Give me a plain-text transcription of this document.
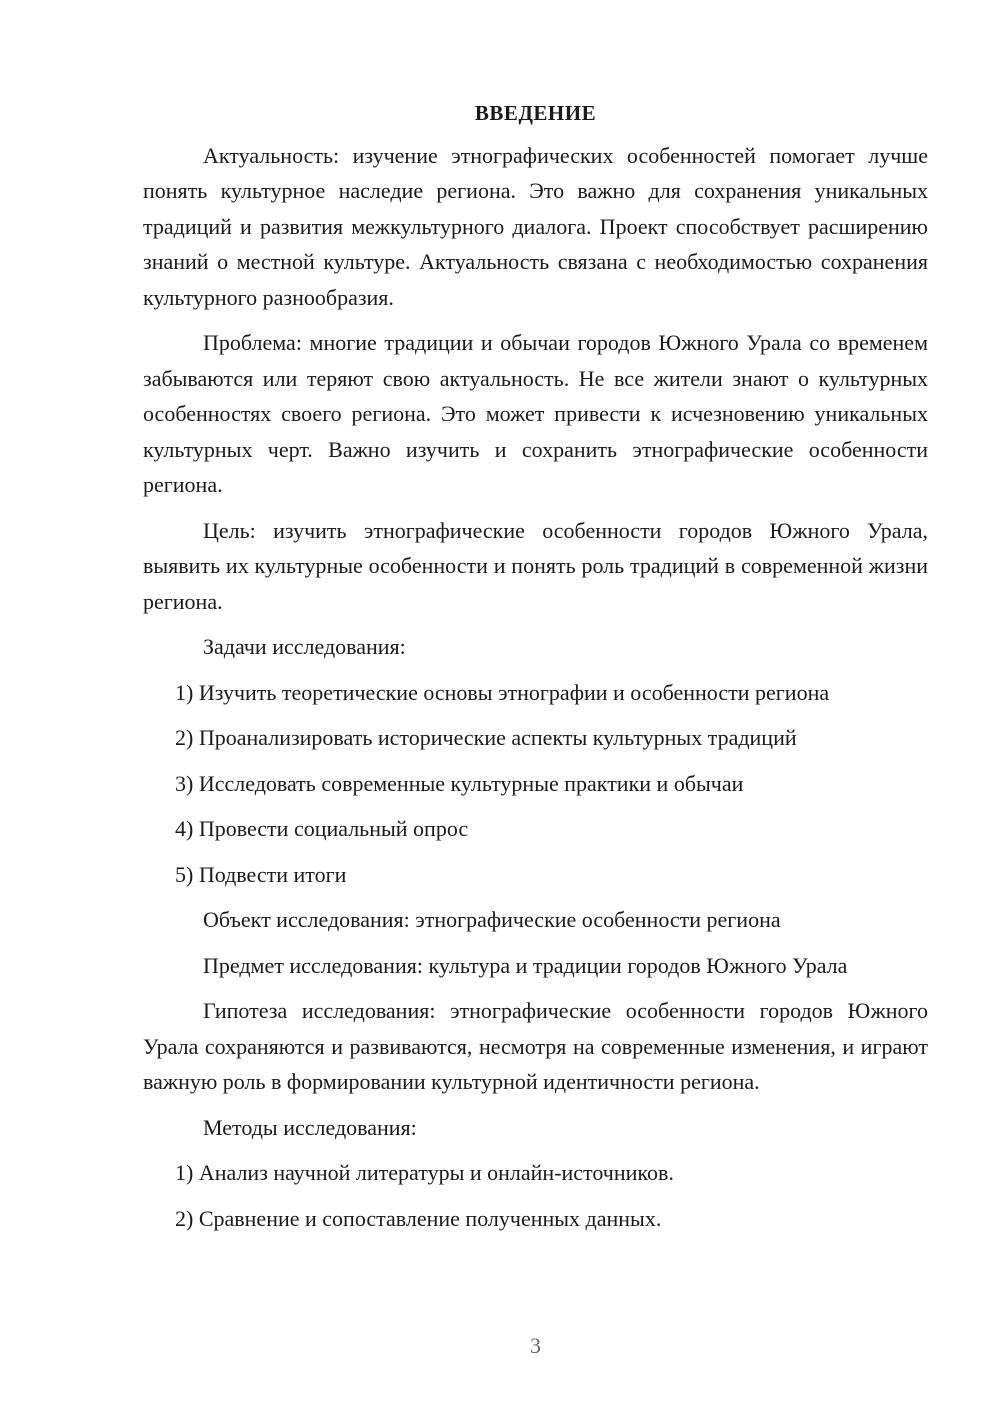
ВВЕДЕНИЕ

Актуальность: изучение этнографических особенностей помогает лучше понять культурное наследие региона. Это важно для сохранения уникальных традиций и развития межкультурного диалога. Проект способствует расширению знаний о местной культуре. Актуальность связана с необходимостью сохранения культурного разнообразия.

Проблема: многие традиции и обычаи городов Южного Урала со временем забываются или теряют свою актуальность. Не все жители знают о культурных особенностях своего региона. Это может привести к исчезновению уникальных культурных черт. Важно изучить и сохранить этнографические особенности региона.

Цель: изучить этнографические особенности городов Южного Урала, выявить их культурные особенности и понять роль традиций в современной жизни региона.

Задачи исследования:

1) Изучить теоретические основы этнографии и особенности региона
2) Проанализировать исторические аспекты культурных традиций
3) Исследовать современные культурные практики и обычаи
4) Провести социальный опрос
5) Подвести итоги

Объект исследования: этнографические особенности региона

Предмет исследования: культура и традиции городов Южного Урала

Гипотеза исследования: этнографические особенности городов Южного Урала сохраняются и развиваются, несмотря на современные изменения, и играют важную роль в формировании культурной идентичности региона.

Методы исследования:

1) Анализ научной литературы и онлайн-источников.
2) Сравнение и сопоставление полученных данных.
3
